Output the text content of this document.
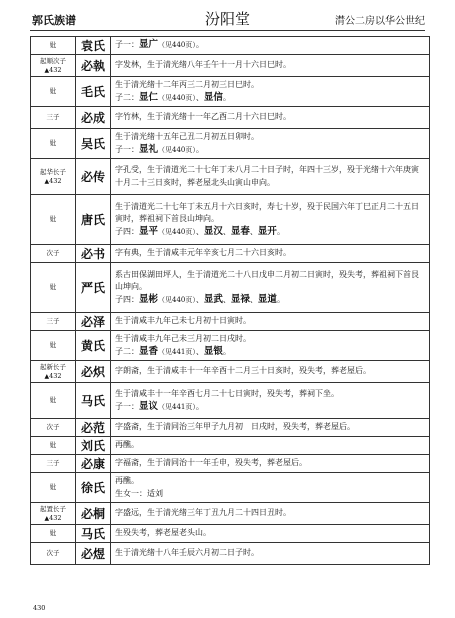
郭氏族谱	汾阳堂	潸公二房以华公世纪
妣	袁氏	子一：显广（见440页）。

起顺次子
▲432	必執	字发林，生于清光绪八年壬午十一月十六日巳时。

妣	毛氏	生于清光绪十二年丙三二月初三日巳时。
子二：显仁（见440页）、显信。

三子	必成	字竹林，生于清光绪十一年乙酉二月十六日巳时。

妣	吴氏	生于清光绪十五年己丑二月初五日卯时。
子一：显礼（见440页）。

起华长子
▲432	必传	字孔受，生于清道光二十七年丁未八月二十日子时，年四十三岁，殁于光绪十六年庚寅十月二十三日亥时，葬老屋北头山寅山申向。

妣	唐氏	生于清道光二十七年丁未五月十六日亥时，寿七十岁，殁于民国六年丁巳正月二十五日寅时，葬祖祠下首艮山坤向。
子四：显平（见440页）、显汉、显春、显开。

次子	必书	字有典，生于清咸丰元年辛亥七月二十六日亥时。

妣	严氏	系古田保湖田坪人，生于清道光二十八日戊申二月初二日寅时，殁失考，葬祖祠下首艮山坤向。
子四：显彬（见440页）、显武、显禄、显道。

三子	必泽	生于清咸丰九年己未七月初十日寅时。

妣	黄氏	生于清咸丰九年己未三月初二日戌时。
子二：显香（见441页）、显银。

起新长子
▲432	必炽	字朗斋，生于清咸丰十一年辛酉十二月三十日亥时，殁失考，葬老屋后。

妣	马氏	生于清咸丰十一年辛酉七月二十七日寅时，殁失考，葬祠下坐。
子一：显议（见441页）。

次子	必范	字盛斋，生于清同治三年甲子九月初　日戌时，殁失考，葬老屋后。

妣	刘氏	再醮。

三子	必康	字福斋，生于清同治十一年壬申，殁失考，葬老屋后。

妣	徐氏	再醮。
生女一：适刘

起置长子
▲432	必桐	字盛远，生于清光绪三年丁丑九月二十四日丑时。

妣	马氏	生殁失考，葬老屋老头山。

次子	必煜	生于清光绪十八年壬辰六月初二日子时。
430
